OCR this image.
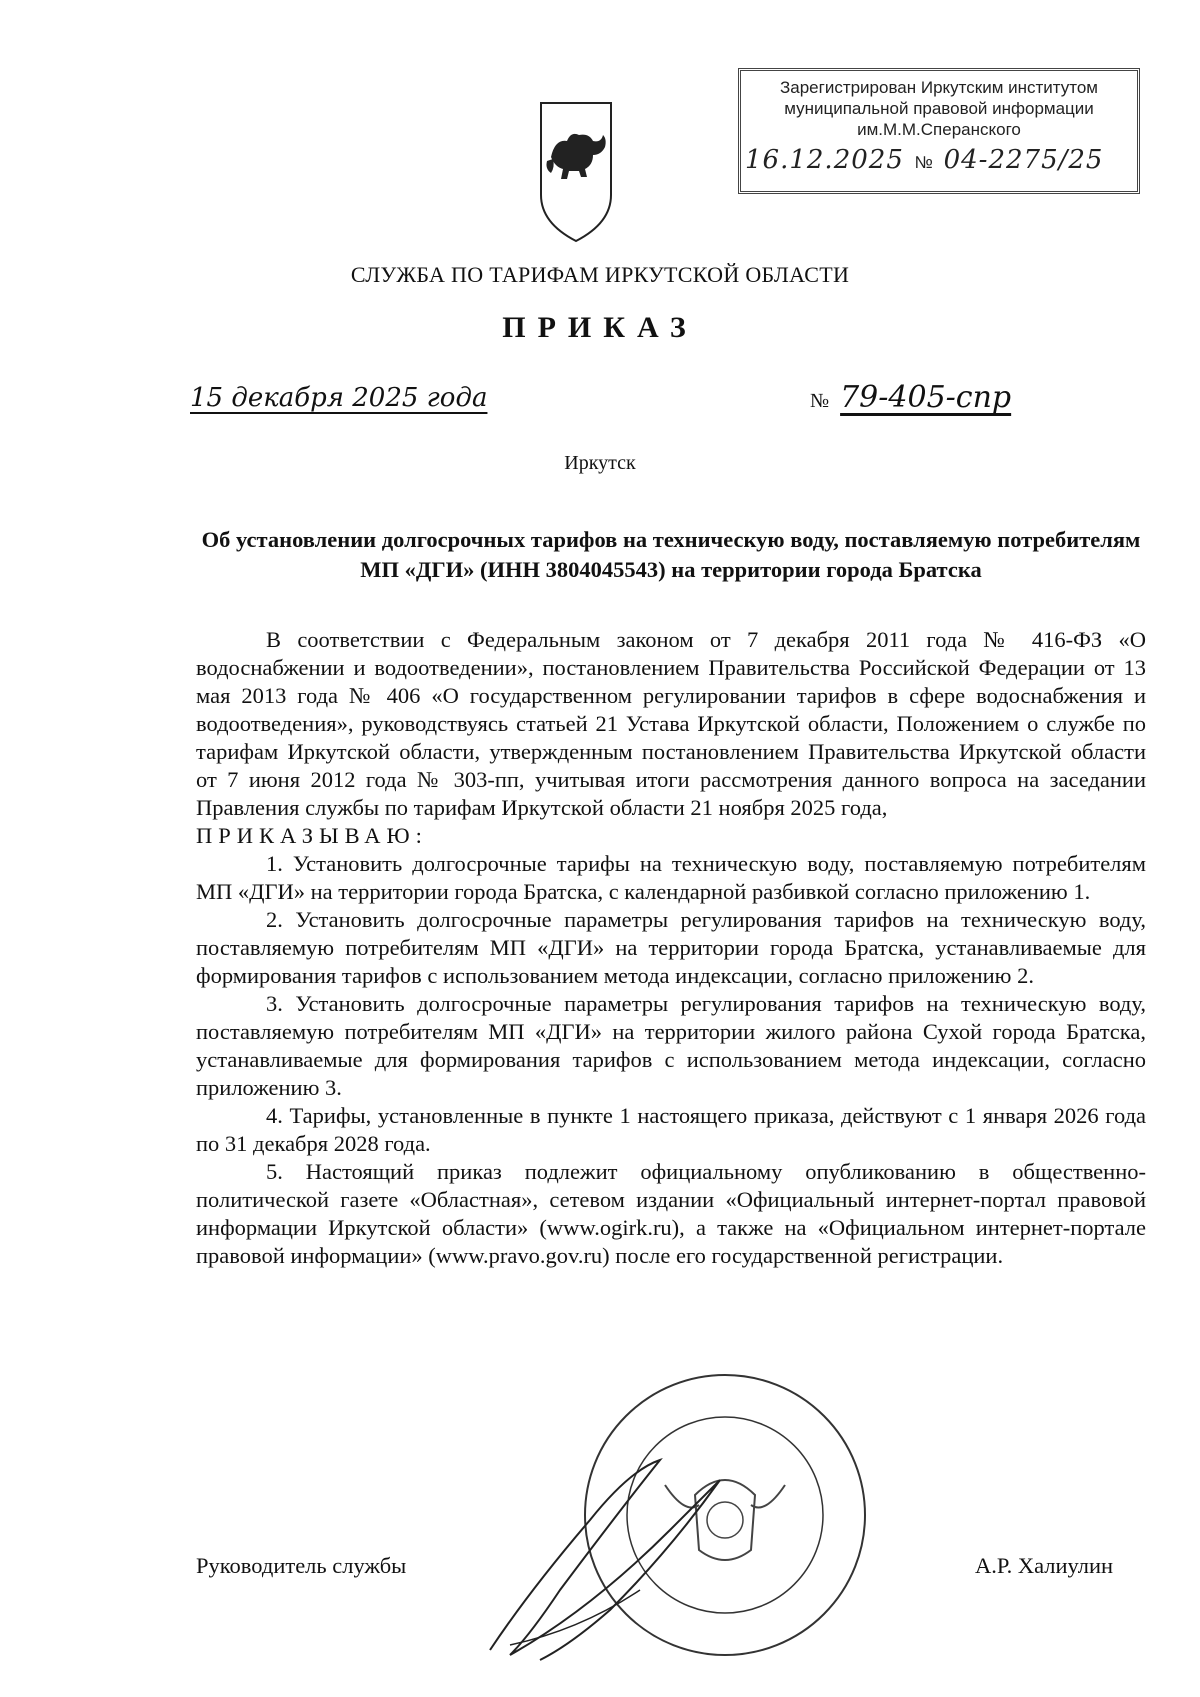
Зарегистрирован Иркутским институтом
муниципальной правовой информации
им.М.М.Сперанского
16.12.2025 № 04-2275/25
СЛУЖБА ПО ТАРИФАМ ИРКУТСКОЙ ОБЛАСТИ
ПРИКАЗ
15 декабря 2025 года	№ 79-405-спр
Иркутск
Об установлении долгосрочных тарифов на техническую воду, поставляемую потребителям МП «ДГИ» (ИНН 3804045543) на территории города Братска

В соответствии с Федеральным законом от 7 декабря 2011 года № 416-ФЗ «О водоснабжении и водоотведении», постановлением Правительства Российской Федерации от 13 мая 2013 года № 406 «О государственном регулировании тарифов в сфере водоснабжения и водоотведения», руководствуясь статьей 21 Устава Иркутской области, Положением о службе по тарифам Иркутской области, утвержденным постановлением Правительства Иркутской области от 7 июня 2012 года № 303-пп, учитывая итоги рассмотрения данного вопроса на заседании Правления службы по тарифам Иркутской области 21 ноября 2025 года,

ПРИКАЗЫВАЮ:

1. Установить долгосрочные тарифы на техническую воду, поставляемую потребителям МП «ДГИ» на территории города Братска, с календарной разбивкой согласно приложению 1.

2. Установить долгосрочные параметры регулирования тарифов на техническую воду, поставляемую потребителям МП «ДГИ» на территории города Братска, устанавливаемые для формирования тарифов с использованием метода индексации, согласно приложению 2.

3. Установить долгосрочные параметры регулирования тарифов на техническую воду, поставляемую потребителям МП «ДГИ» на территории жилого района Сухой города Братска, устанавливаемые для формирования тарифов с использованием метода индексации, согласно приложению 3.

4. Тарифы, установленные в пункте 1 настоящего приказа, действуют с 1 января 2026 года по 31 декабря 2028 года.

5. Настоящий приказ подлежит официальному опубликованию в общественно-политической газете «Областная», сетевом издании «Официальный интернет-портал правовой информации Иркутской области» (www.ogirk.ru), а также на «Официальном интернет-портале правовой информации» (www.pravo.gov.ru) после его государственной регистрации.

Руководитель службы	А.Р. Халиулин
